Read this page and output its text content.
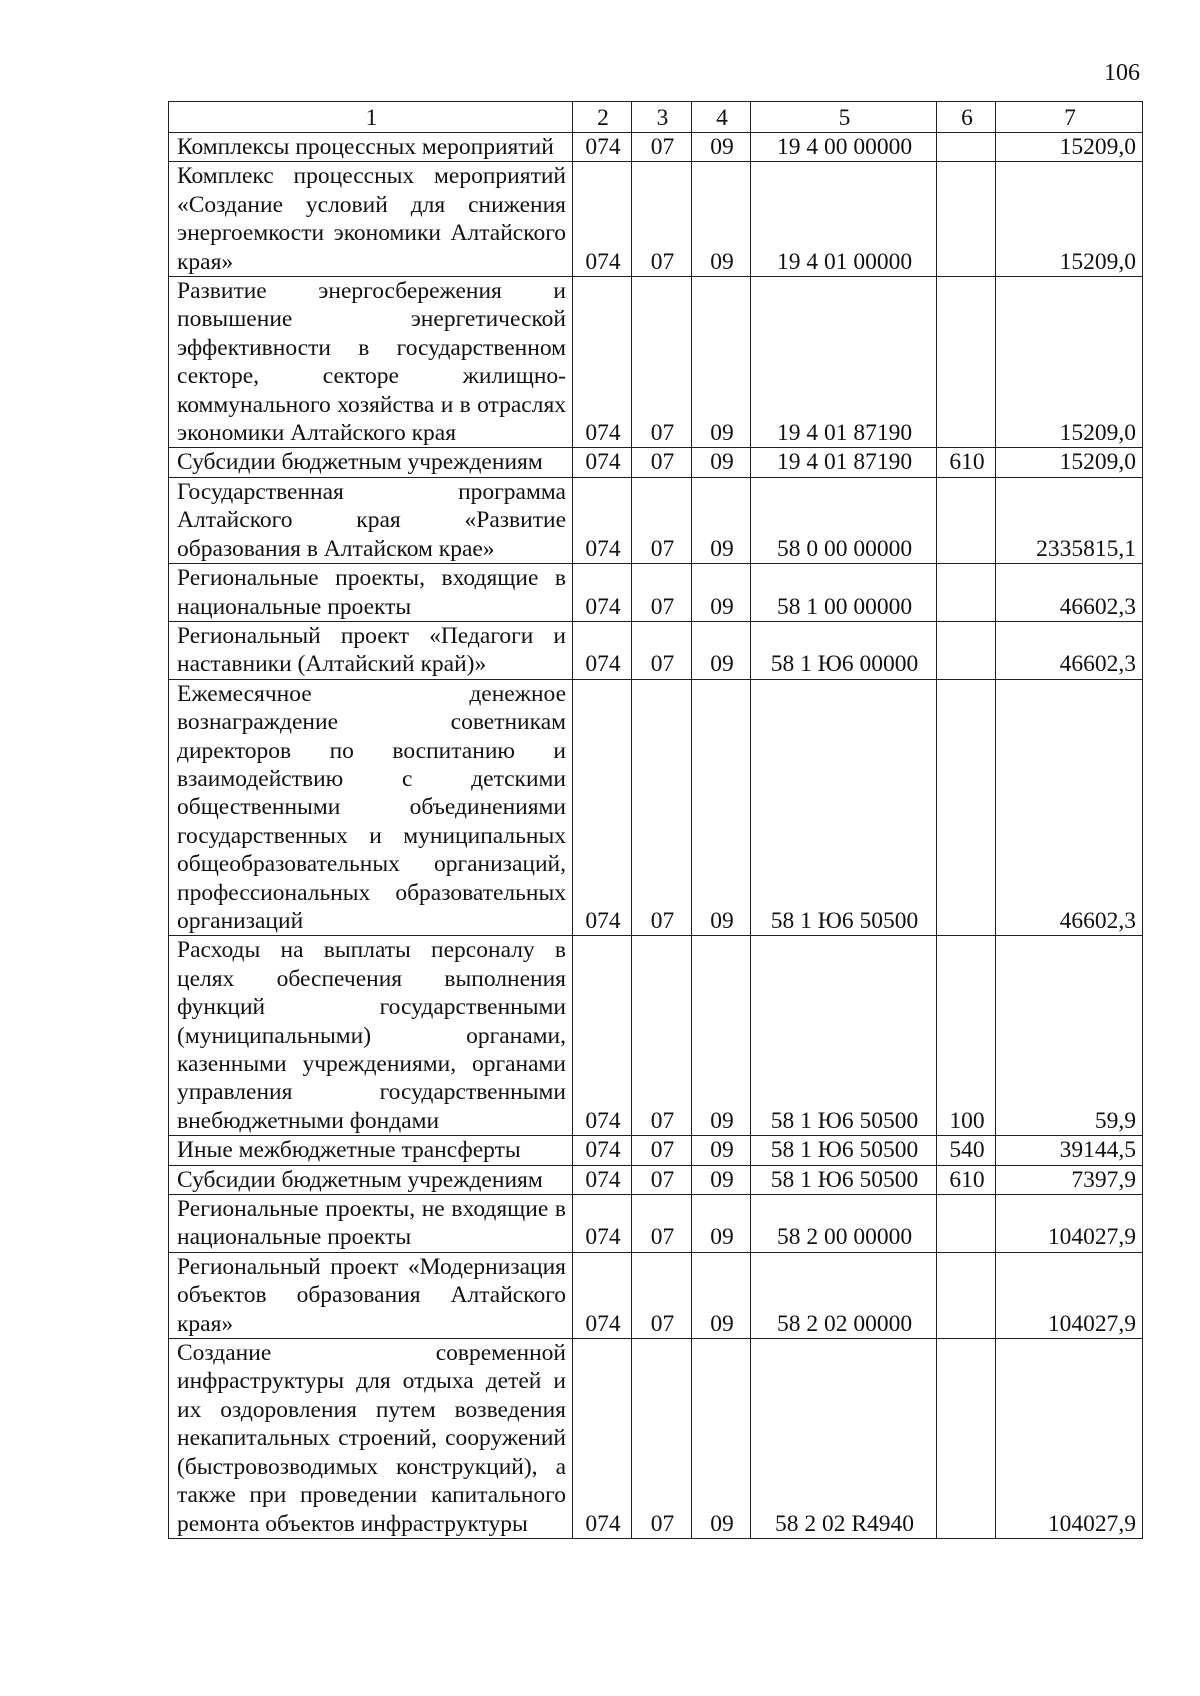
106
1	2	3	4	5	6	7
Комплексы процессных мероприятий	074	07	09	19 4 00 00000		15209,0
Комплекс процессных мероприятий «Создание условий для снижения энергоемкости экономики Алтайского края»	074	07	09	19 4 01 00000		15209,0
Развитие энергосбережения и повышение энергетической эффективности в государственном секторе, секторе жилищно-коммунального хозяйства и в отраслях экономики Алтайского края	074	07	09	19 4 01 87190		15209,0
Субсидии бюджетным учреждениям	074	07	09	19 4 01 87190	610	15209,0
Государственная программа Алтайского края «Развитие образования в Алтайском крае»	074	07	09	58 0 00 00000		2335815,1
Региональные проекты, входящие в национальные проекты	074	07	09	58 1 00 00000		46602,3
Региональный проект «Педагоги и наставники (Алтайский край)»	074	07	09	58 1 Ю6 00000		46602,3
Ежемесячное денежное вознаграждение советникам директоров по воспитанию и взаимодействию с детскими общественными объединениями государственных и муниципальных общеобразовательных организаций, профессиональных образовательных организаций	074	07	09	58 1 Ю6 50500		46602,3
Расходы на выплаты персоналу в целях обеспечения выполнения функций государственными (муниципальными) органами, казенными учреждениями, органами управления государственными внебюджетными фондами	074	07	09	58 1 Ю6 50500	100	59,9
Иные межбюджетные трансферты	074	07	09	58 1 Ю6 50500	540	39144,5
Субсидии бюджетным учреждениям	074	07	09	58 1 Ю6 50500	610	7397,9
Региональные проекты, не входящие в национальные проекты	074	07	09	58 2 00 00000		104027,9
Региональный проект «Модернизация объектов образования Алтайского края»	074	07	09	58 2 02 00000		104027,9
Создание современной инфраструктуры для отдыха детей и их оздоровления путем возведения некапитальных строений, сооружений (быстровозводимых конструкций), а также при проведении капитального ремонта объектов инфраструктуры	074	07	09	58 2 02 R4940		104027,9
